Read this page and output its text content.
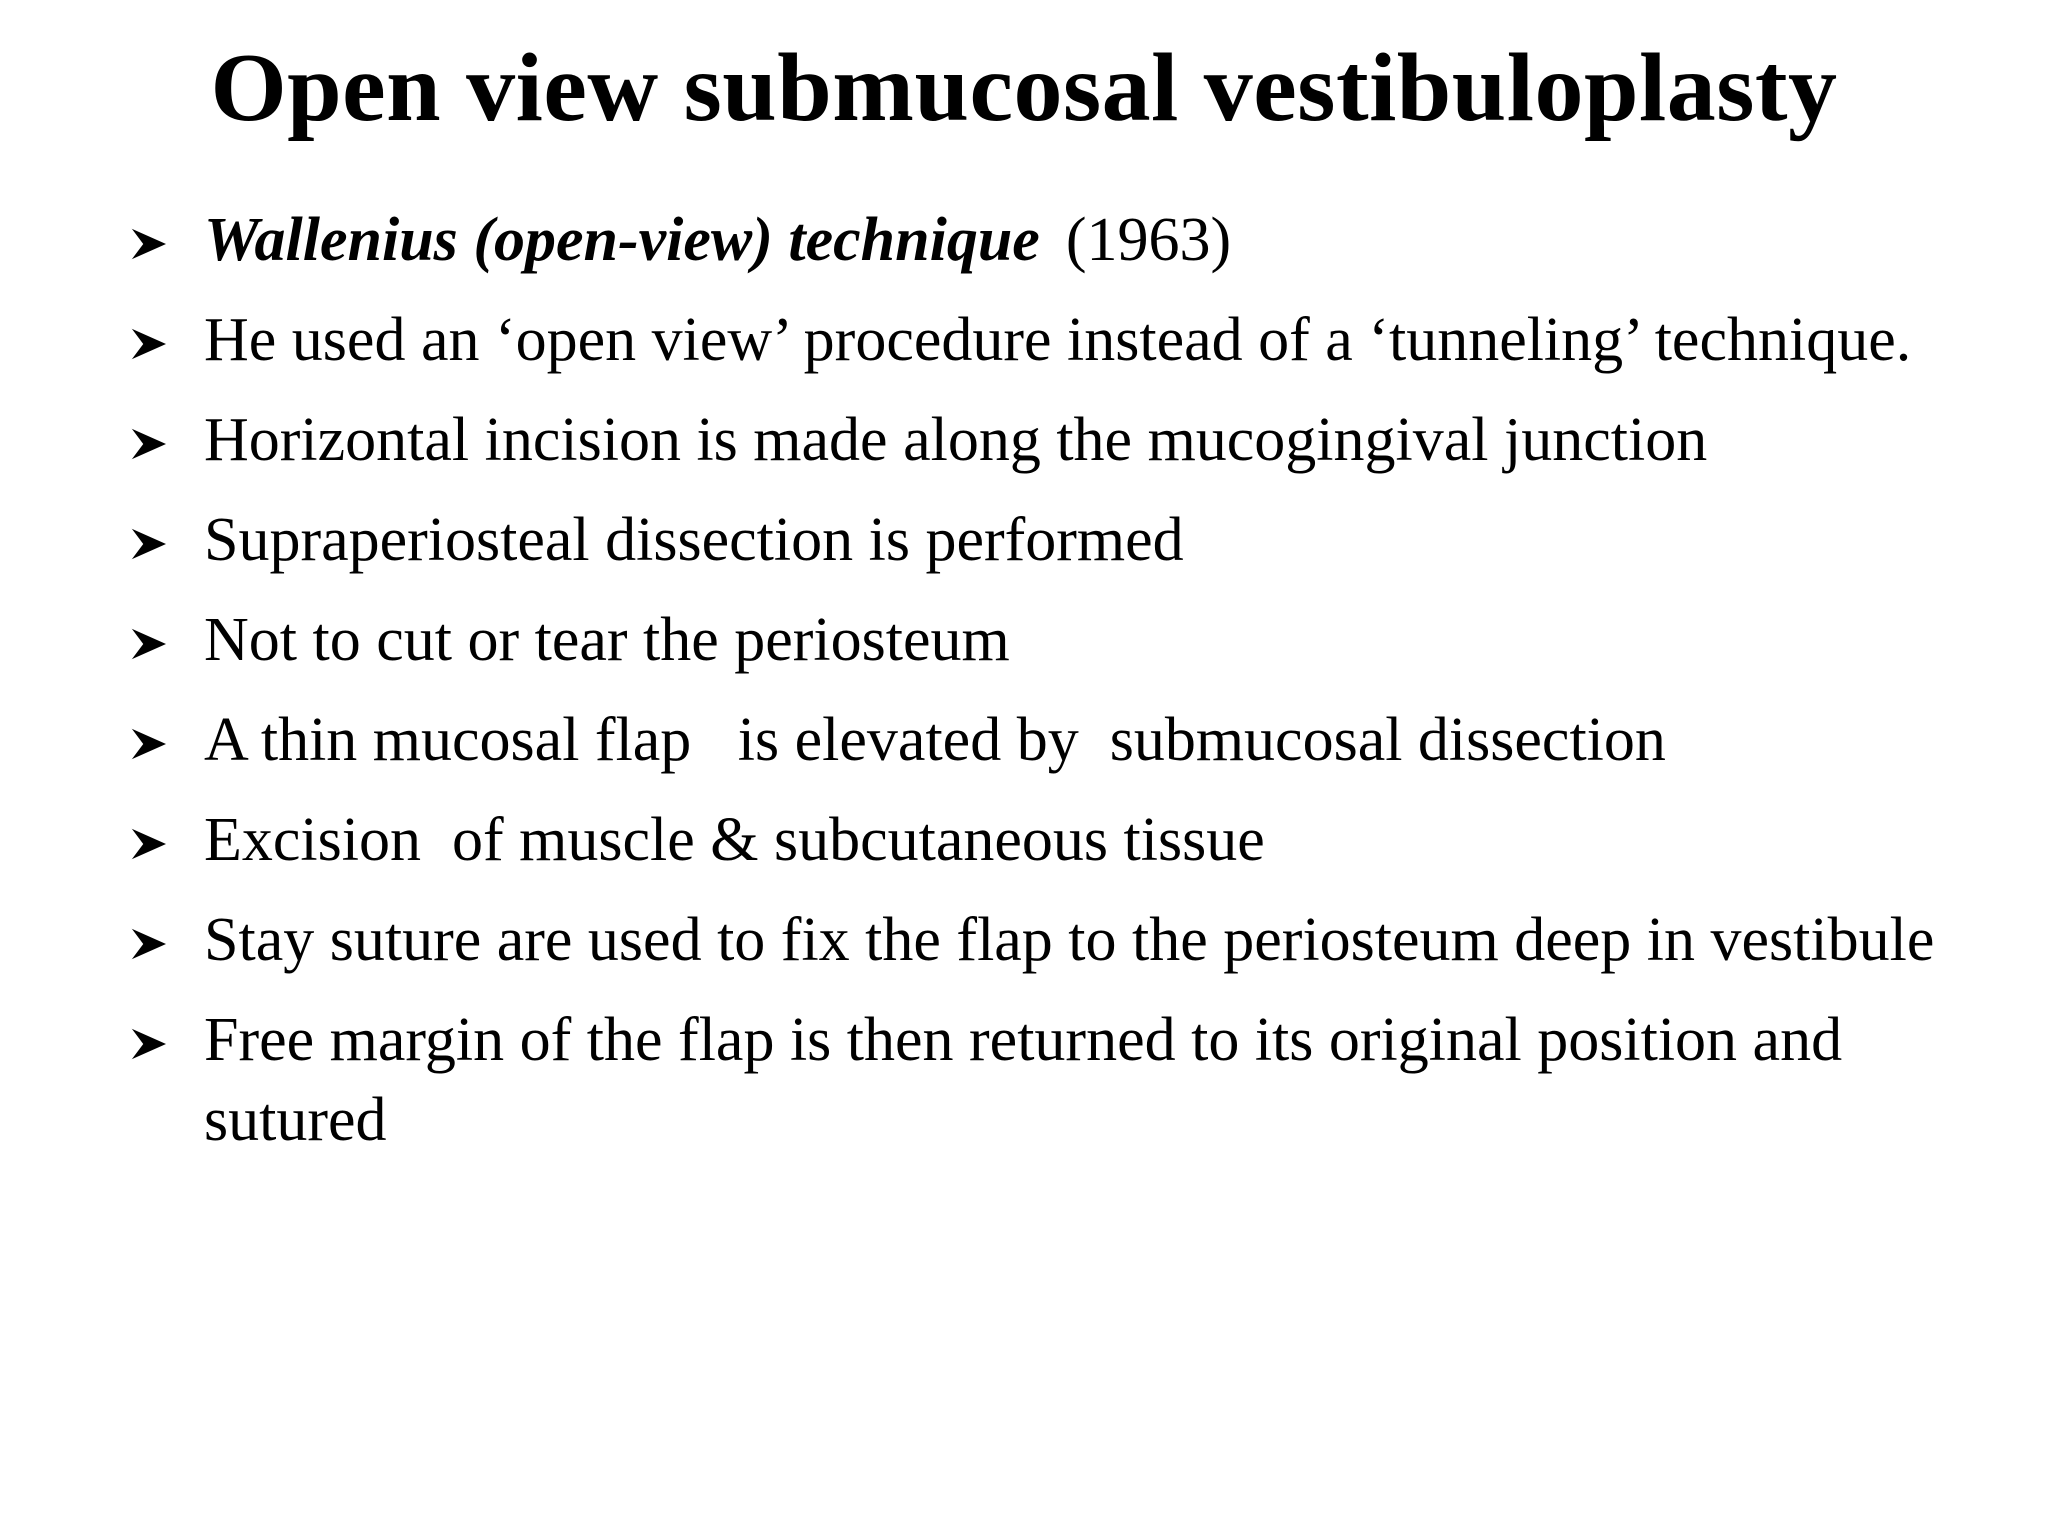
Open view submucosal vestibuloplasty
Wallenius (open-view) technique (1963)
He used an ‘open view’ procedure instead of a ‘tunneling’ technique.
Horizontal incision is made along the mucogingival junction
Supraperiosteal dissection is performed
Not to cut or tear the periosteum
A thin mucosal flap   is elevated by  submucosal dissection
Excision  of muscle & subcutaneous tissue
Stay suture are used to fix the flap to the periosteum deep in vestibule
Free margin of the flap is then returned to its original position and sutured
